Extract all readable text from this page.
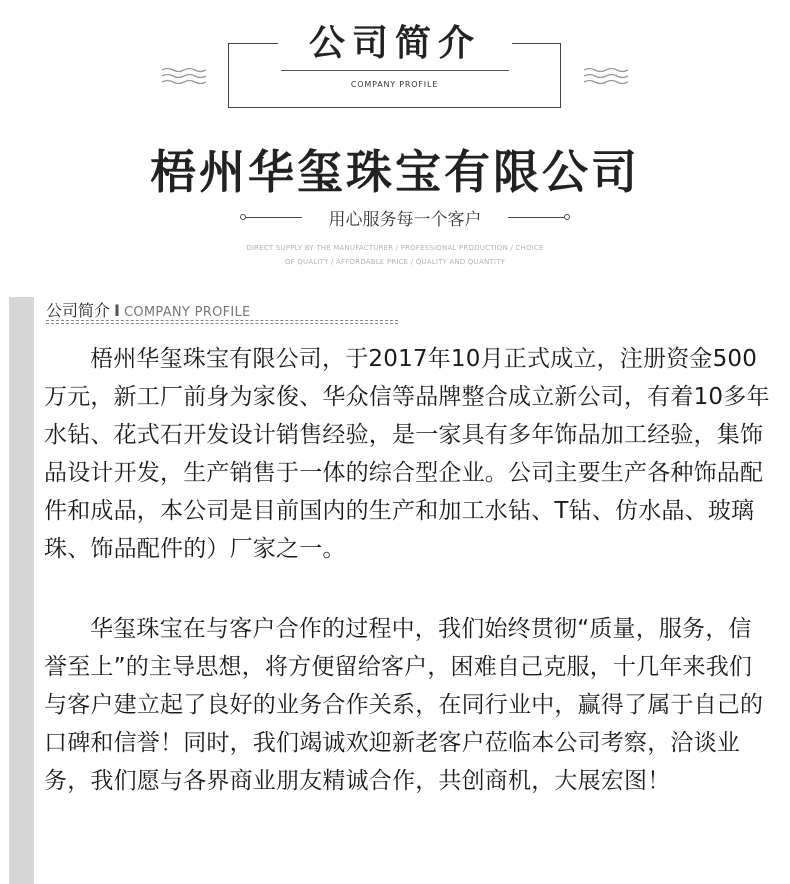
公司简介
COMPANY PROFILE
梧州华玺珠宝有限公司
用心服务每一个客户
DIRECT SUPPLY BY THE MANUFACTURER / PROFESSIONAL PRODUCTION / CHOICE
OF QUALITY / AFFORDABLE PRICE / QUALITY AND QUANTITY
公司简介 I COMPANY PROFILE

梧州华玺珠宝有限公司，于2017年10月正式成立，注册资金500万元，新工厂前身为家俊、华众信等品牌整合成立新公司，有着10多年水钻、花式石开发设计销售经验，是一家具有多年饰品加工经验，集饰品设计开发，生产销售于一体的综合型企业。公司主要生产各种饰品配件和成品，本公司是目前国内的生产和加工水钻、T钻、仿水晶、玻璃珠、饰品配件的）厂家之一。

华玺珠宝在与客户合作的过程中，我们始终贯彻“质量，服务，信誉至上”的主导思想，将方便留给客户，困难自己克服，十几年来我们与客户建立起了良好的业务合作关系，在同行业中，赢得了属于自己的口碑和信誉！同时，我们竭诚欢迎新老客户莅临本公司考察，洽谈业务，我们愿与各界商业朋友精诚合作，共创商机，大展宏图！
